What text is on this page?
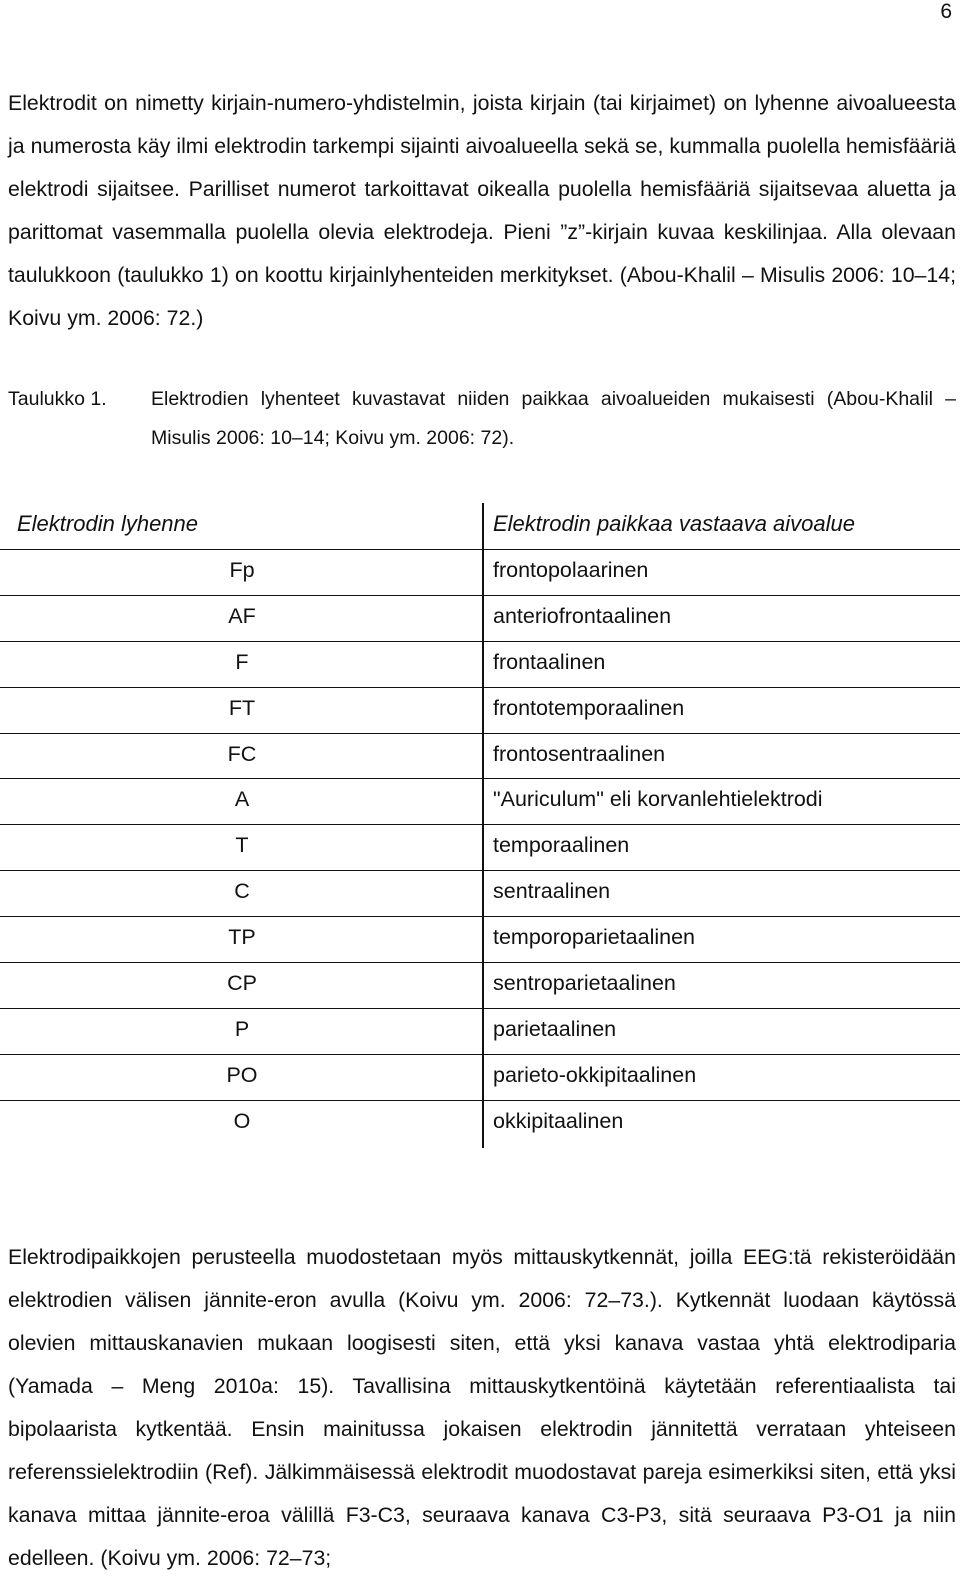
6

Elektrodit on nimetty kirjain-numero-yhdistelmin, joista kirjain (tai kirjaimet) on lyhenne aivoalueesta ja numerosta käy ilmi elektrodin tarkempi sijainti aivoalueella sekä se, kummalla puolella hemisfääriä elektrodi sijaitsee. Parilliset numerot tarkoittavat oikealla puolella hemisfääriä sijaitsevaa aluetta ja parittomat vasemmalla puolella olevia elektrodeja. Pieni ”z”-kirjain kuvaa keskilinjaa. Alla olevaan taulukkoon (taulukko 1) on koottu kirjainlyhenteiden merkitykset. (Abou-Khalil – Misulis 2006: 10–14; Koivu ym. 2006: 72.)

Taulukko 1. Elektrodien lyhenteet kuvastavat niiden paikkaa aivoalueiden mukaisesti (Abou-Khalil – Misulis 2006: 10–14; Koivu ym. 2006: 72).
Elektrodin lyhenne	Elektrodin paikkaa vastaava aivoalue
Fp	frontopolaarinen
AF	anteriofrontaalinen
F	frontaalinen
FT	frontotemporaalinen
FC	frontosentraalinen
A	"Auriculum" eli korvanlehtielektrodi
T	temporaalinen
C	sentraalinen
TP	temporoparietaalinen
CP	sentroparietaalinen
P	parietaalinen
PO	parieto-okkipitaalinen
O	okkipitaalinen

Elektrodipaikkojen perusteella muodostetaan myös mittauskytkennät, joilla EEG:tä rekisteröidään elektrodien välisen jännite-eron avulla (Koivu ym. 2006: 72–73.). Kytkennät luodaan käytössä olevien mittauskanavien mukaan loogisesti siten, että yksi kanava vastaa yhtä elektrodiparia (Yamada – Meng 2010a: 15). Tavallisina mittauskytkentöinä käytetään referentiaalista tai bipolaarista kytkentää. Ensin mainitussa jokaisen elektrodin jännitettä verrataan yhteiseen referenssielektrodiin (Ref). Jälkimmäisessä elektrodit muodostavat pareja esimerkiksi siten, että yksi kanava mittaa jännite-eroa välillä F3-C3, seuraava kanava C3-P3, sitä seuraava P3-O1 ja niin edelleen. (Koivu ym. 2006: 72–73;
